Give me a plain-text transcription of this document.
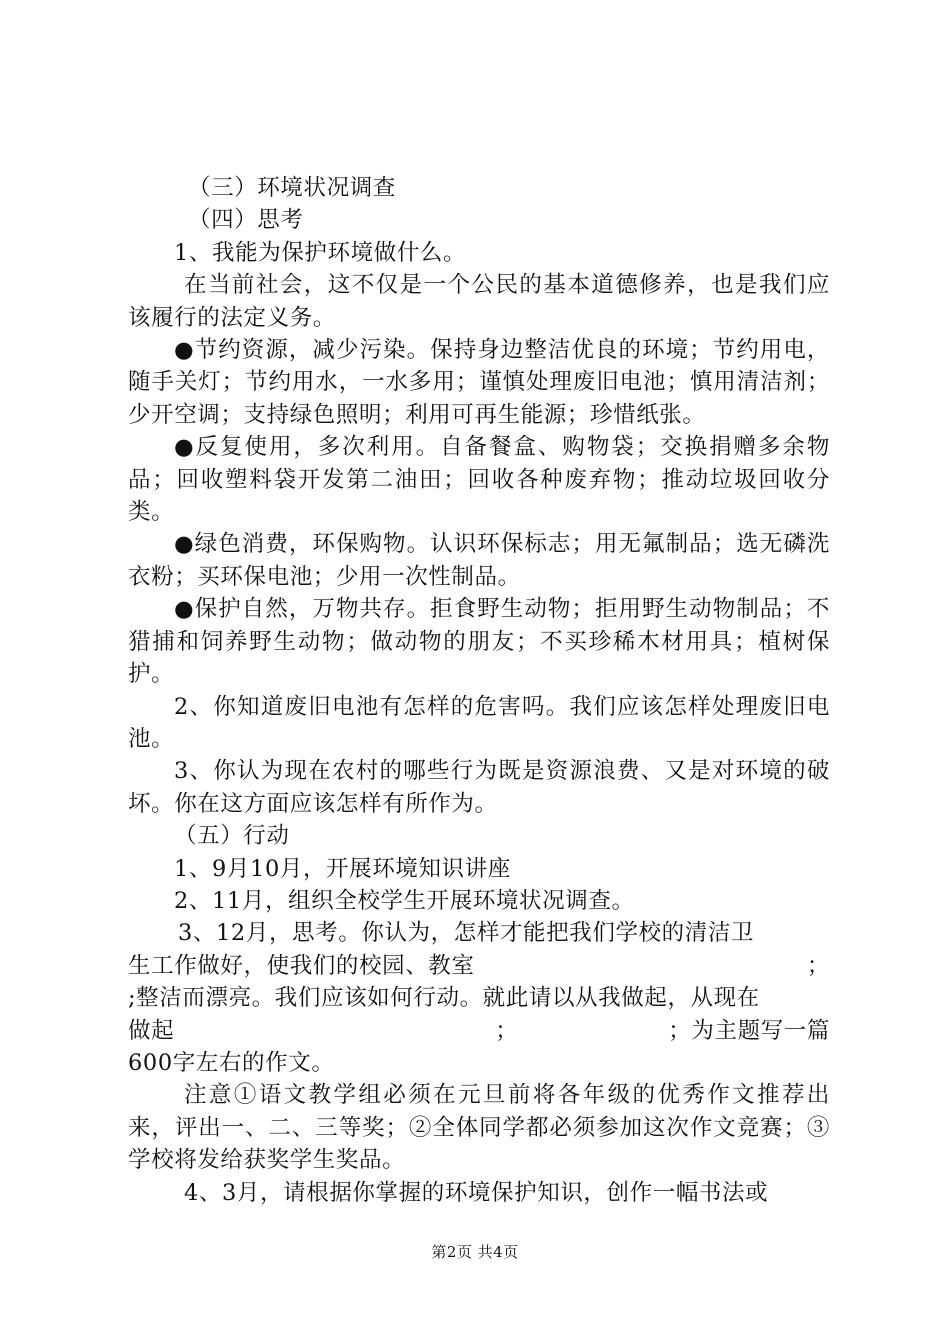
（三）环境状况调查

（四）思考

1、我能为保护环境做什么。

在当前社会，这不仅是一个公民的基本道德修养，也是我们应该履行的法定义务。

●节约资源，减少污染。保持身边整洁优良的环境；节约用电，随手关灯；节约用水，一水多用；谨慎处理废旧电池；慎用清洁剂；少开空调；支持绿色照明；利用可再生能源；珍惜纸张。

●反复使用，多次利用。自备餐盒、购物袋；交换捐赠多余物品；回收塑料袋开发第二油田；回收各种废弃物；推动垃圾回收分类。

●绿色消费，环保购物。认识环保标志；用无氟制品；选无磷洗衣粉；买环保电池；少用一次性制品。

●保护自然，万物共存。拒食野生动物；拒用野生动物制品；不猎捕和饲养野生动物；做动物的朋友；不买珍稀木材用具；植树保护。

2、你知道废旧电池有怎样的危害吗。我们应该怎样处理废旧电池。

3、你认为现在农村的哪些行为既是资源浪费、又是对环境的破坏。你在这方面应该怎样有所作为。

（五）行动

1、9月10月，开展环境知识讲座

2、11月，组织全校学生开展环境状况调查。

3、12月，思考。你认为，怎样才能把我们学校的清洁卫
生工作做好，使我们的校园、教室	；
;整洁而漂亮。我们应该如何行动。就此请以从我做起，从现在
做起	；	；为主题写一篇
600字左右的作文。

注意①语文教学组必须在元旦前将各年级的优秀作文推荐出来，评出一、二、三等奖；②全体同学都必须参加这次作文竞赛；③学校将发给获奖学生奖品。

4、3月，请根据你掌握的环境保护知识，创作一幅书法或

第2页 共4页
